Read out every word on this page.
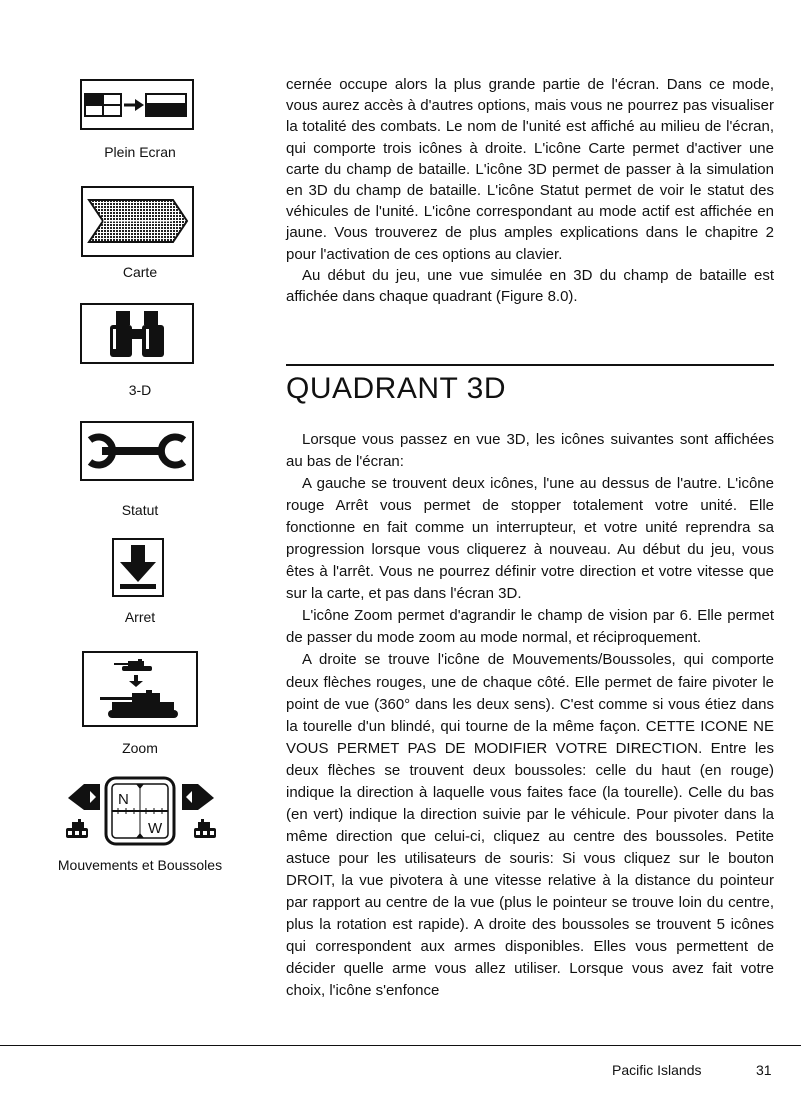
Plein Ecran
Carte
3-D
Statut
Arret
Zoom
N
W
Mouvements et Boussoles

cernée occupe alors la plus grande partie de l'écran. Dans ce mode, vous aurez accès à d'autres options, mais vous ne pourrez pas visualiser la totalité des combats. Le nom de l'unité est affiché au milieu de l'écran, qui comporte trois icônes à droite. L'icône Carte permet d'activer une carte du champ de bataille. L'icône 3D permet de passer à la simulation en 3D du champ de bataille. L'icône Statut permet de voir le statut des véhicules de l'unité. L'icône correspondant au mode actif est affichée en jaune. Vous trouverez de plus amples explications dans le chapitre 2 pour l'activation de ces options au clavier.

Au début du jeu, une vue simulée en 3D du champ de bataille est affichée dans chaque quadrant (Figure 8.0).

QUADRANT 3D

Lorsque vous passez en vue 3D, les icônes suivantes sont affichées au bas de l'écran:

A gauche se trouvent deux icônes, l'une au dessus de l'autre. L'icône rouge Arrêt vous permet de stopper totalement votre unité. Elle fonctionne en fait comme un interrupteur, et votre unité reprendra sa progression lorsque vous cliquerez à nouveau. Au début du jeu, vous êtes à l'arrêt. Vous ne pourrez définir votre direction et votre vitesse que sur la carte, et pas dans l'écran 3D.

L'icône Zoom permet d'agrandir le champ de vision par 6. Elle permet de passer du mode zoom au mode normal, et réciproquement.

A droite se trouve l'icône de Mouvements/Boussoles, qui comporte deux flèches rouges, une de chaque côté. Elle permet de faire pivoter le point de vue (360° dans les deux sens). C'est comme si vous étiez dans la tourelle d'un blindé, qui tourne de la même façon. CETTE ICONE NE VOUS PERMET PAS DE MODIFIER VOTRE DIRECTION. Entre les deux flèches se trouvent deux boussoles: celle du haut (en rouge) indique la direction à laquelle vous faites face (la tourelle). Celle du bas (en vert) indique la direction suivie par le véhicule. Pour pivoter dans la même direction que celui-ci, cliquez au centre des boussoles. Petite astuce pour les utilisateurs de souris: Si vous cliquez sur le bouton DROIT, la vue pivotera à une vitesse relative à la distance du pointeur par rapport au centre de la vue (plus le pointeur se trouve loin du centre, plus la rotation est rapide). A droite des boussoles se trouvent 5 icônes qui correspondent aux armes disponibles. Elles vous permettent de décider quelle arme vous allez utiliser. Lorsque vous avez fait votre choix, l'icône s'enfonce

Pacific Islands	31
